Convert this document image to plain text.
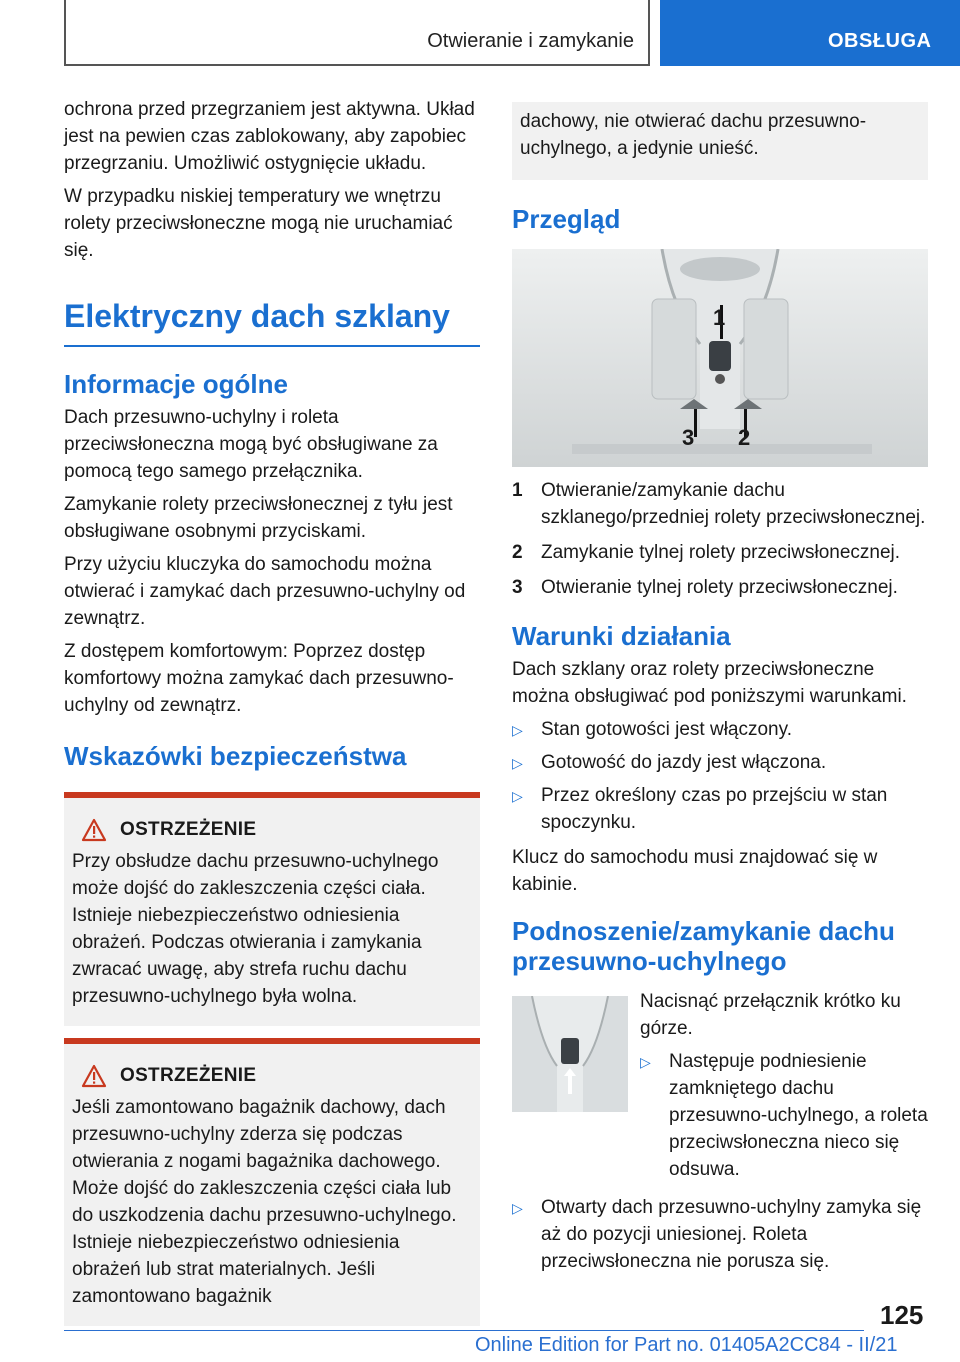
Otwieranie i zamykanie	OBSŁUGA

ochrona przed przegrzaniem jest aktywna. Układ jest na pewien czas zablokowany, aby zapobiec przegrzaniu. Umożliwić ostygnięcie układu.

W przypadku niskiej temperatury we wnętrzu rolety przeciwsłoneczne mogą nie uruchamiać się.

Elektryczny dach szklany
Informacje ogólne

Dach przesuwno-uchylny i roleta przeciwsłoneczna mogą być obsługiwane za pomocą tego samego przełącznika.

Zamykanie rolety przeciwsłonecznej z tyłu jest obsługiwane osobnymi przyciskami.

Przy użyciu kluczyka do samochodu można otwierać i zamykać dach przesuwno-uchylny od zewnątrz.

Z dostępem komfortowym: Poprzez dostęp komfortowy można zamykać dach przesuwno-uchylny od zewnątrz.

Wskazówki bezpieczeństwa
OSTRZEŻENIE

Przy obsłudze dachu przesuwno-uchylnego może dojść do zakleszczenia części ciała. Istnieje niebezpieczeństwo odniesienia obrażeń. Podczas otwierania i zamykania zwracać uwagę, aby strefa ruchu dachu przesuwno-uchylnego była wolna.

OSTRZEŻENIE

Jeśli zamontowano bagażnik dachowy, dach przesuwno-uchylny zderza się podczas otwierania z nogami bagażnika dachowego. Może dojść do zakleszczenia części ciała lub do uszkodzenia dachu przesuwno-uchylnego. Istnieje niebezpieczeństwo odniesienia obrażeń lub strat materialnych. Jeśli zamontowano bagażnik

dachowy, nie otwierać dachu przesuwno-uchylnego, a jedynie unieść.

Przegląd
1
2
3
1 Otwieranie/zamykanie dachu szklanego/przedniej rolety przeciwsłonecznej.
2 Zamykanie tylnej rolety przeciwsłonecznej.
3 Otwieranie tylnej rolety przeciwsłonecznej.
Warunki działania

Dach szklany oraz rolety przeciwsłoneczne można obsługiwać pod poniższymi warunkami.

▷ Stan gotowości jest włączony.
▷ Gotowość do jazdy jest włączona.
▷ Przez określony czas po przejściu w stan spoczynku.

Klucz do samochodu musi znajdować się w kabinie.

Podnoszenie/zamykanie dachu przesuwno-uchylnego

Nacisnąć przełącznik krótko ku górze.

▷ Następuje podniesienie zamkniętego dachu przesuwno-uchylnego, a roleta przeciwsłoneczna nieco się odsuwa.
▷ Otwarty dach przesuwno-uchylny zamyka się aż do pozycji uniesionej. Roleta przeciwsłoneczna nie porusza się.
125
Online Edition for Part no. 01405A2CC84 - II/21
